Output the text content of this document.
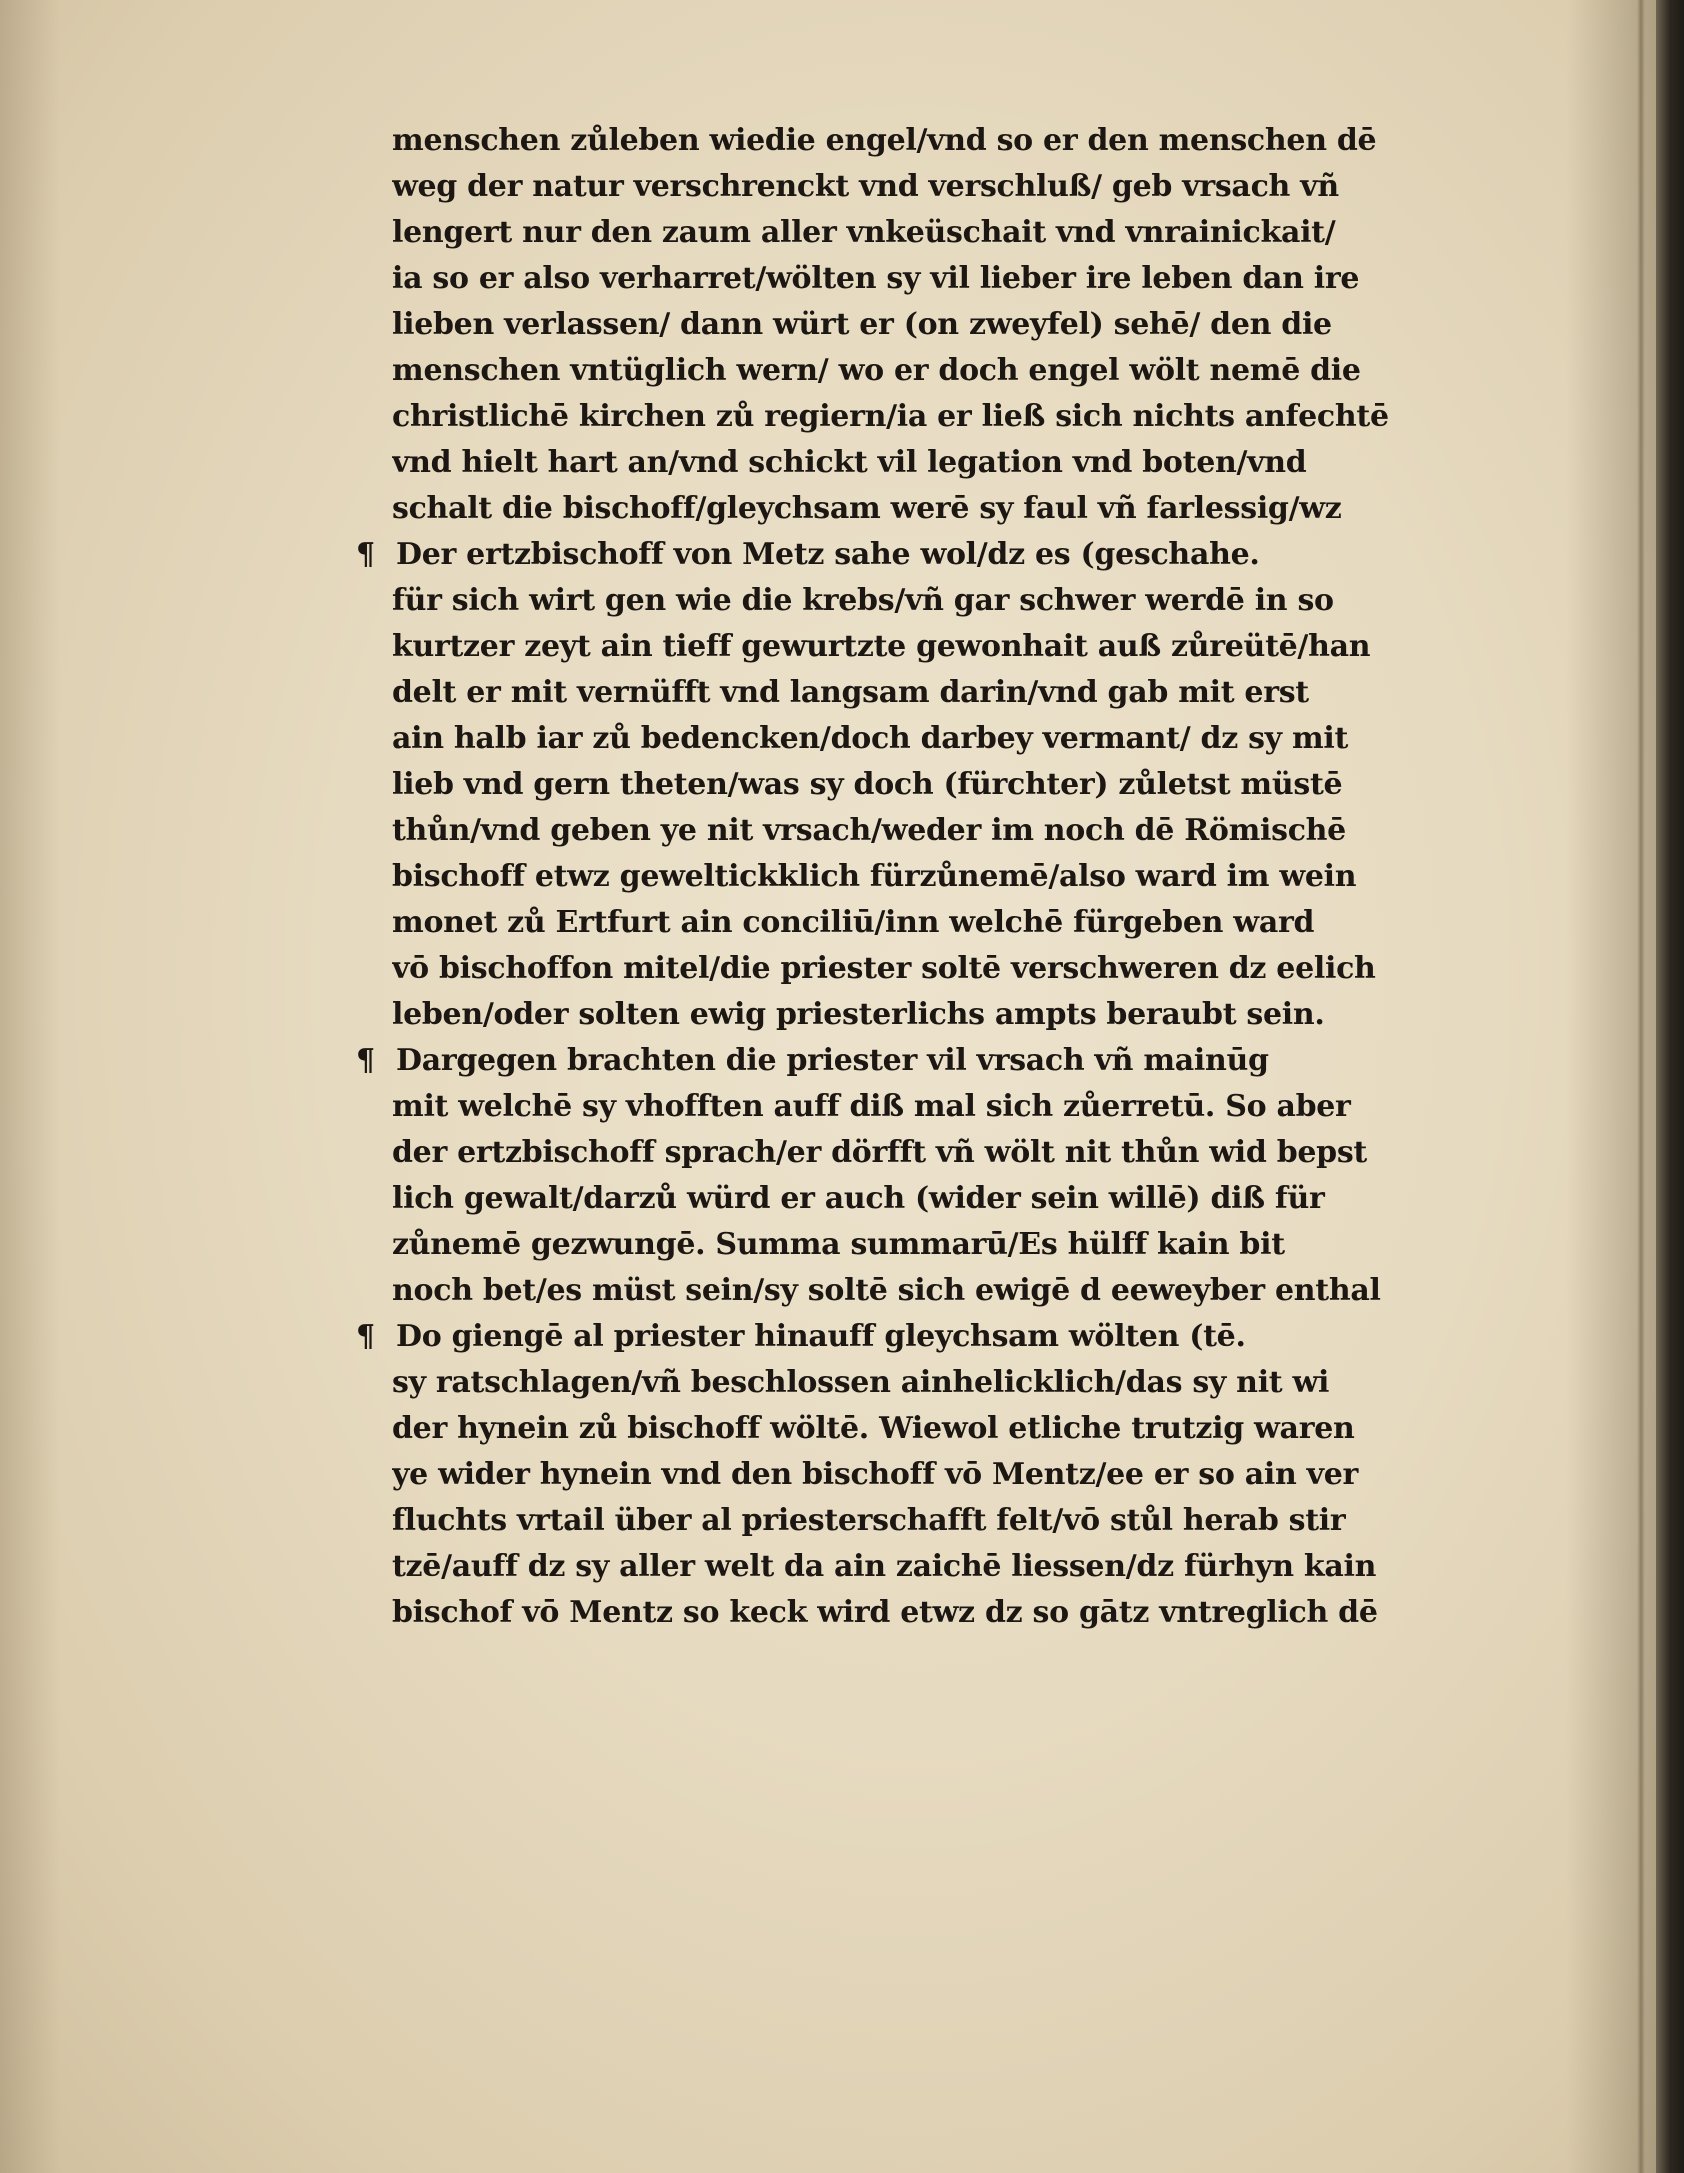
menschen zůleben wiedie engel/vnd so er den menschen dē
weg der natur verschrenckt vnd verschluß/ geb vrsach vñ
lengert nur den zaum aller vnkeüschait vnd vnrainickait/
ia so er also verharret/wölten sy vil lieber ire leben dan ire
lieben verlassen/ dann würt er (on zweyfel) sehē/ den die
menschen vntüglich wern/ wo er doch engel wölt nemē die
christlichē kirchen zů regiern/ia er ließ sich nichts anfechtē
vnd hielt hart an/vnd schickt vil legation vnd boten/vnd
schalt die bischoff/gleychsam werē sy faul vñ farlessig/wz
¶ Der ertzbischoff von Metz sahe wol/dz es (geschahe.
für sich wirt gen wie die krebs/vñ gar schwer werdē in so
kurtzer zeyt ain tieff gewurtzte gewonhait auß zůreütē/han
delt er mit vernüfft vnd langsam darin/vnd gab mit erst
ain halb iar zů bedencken/doch darbey vermant/ dz sy mit
lieb vnd gern theten/was sy doch (fürchter) zůletst müstē
thůn/vnd geben ye nit vrsach/weder im noch dē Römischē
bischoff etwz geweltickklich fürzůnemē/also ward im wein
monet zů Ertfurt ain conciliū/inn welchē fürgeben ward
vō bischoffon mitel/die priester soltē verschweren dz eelich
leben/oder solten ewig priesterlichs ampts beraubt sein.
¶ Dargegen brachten die priester vil vrsach vñ mainūg
mit welchē sy vhofften auff diß mal sich zůerretū. So aber
der ertzbischoff sprach/er dörfft vñ wölt nit thůn wid bepst
lich gewalt/darzů würd er auch (wider sein willē) diß für
zůnemē gezwungē. Summa summarū/Es hülff kain bit
noch bet/es müst sein/sy soltē sich ewigē d eeweyber enthal
¶ Do giengē al priester hinauff gleychsam wölten (tē.
sy ratschlagen/vñ beschlossen ainhelicklich/das sy nit wi
der hynein zů bischoff wöltē. Wiewol etliche trutzig waren
ye wider hynein vnd den bischoff vō Mentz/ee er so ain ver
fluchts vrtail über al priesterschafft felt/vō stůl herab stir
tzē/auff dz sy aller welt da ain zaichē liessen/dz fürhyn kain
bischof vō Mentz so keck wird etwz dz so gātz vntreglich dē
